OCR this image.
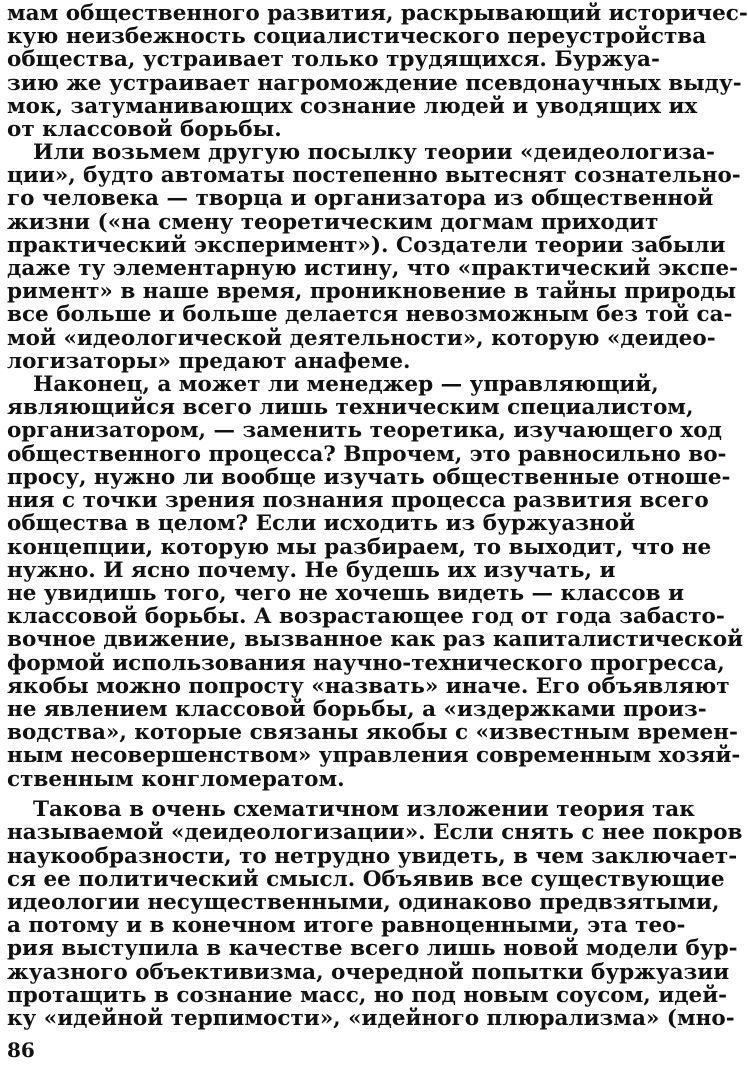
мам общественного развития, раскрывающий историчес-
кую неизбежность социалистического переустройства
общества, устраивает только трудящихся. Буржуа-
зию же устраивает нагромождение псевдонаучных выду-
мок, затуманивающих сознание людей и уводящих их
от классовой борьбы.
Или возьмем другую посылку теории «деидеологиза-
ции», будто автоматы постепенно вытеснят сознательно-
го человека — творца и организатора из общественной
жизни («на смену теоретическим догмам приходит
практический эксперимент»). Создатели теории забыли
даже ту элементарную истину, что «практический экспе-
римент» в наше время, проникновение в тайны природы
все больше и больше делается невозможным без той са-
мой «идеологической деятельности», которую «деидео-
логизаторы» предают анафеме.
Наконец, а может ли менеджер — управляющий,
являющийся всего лишь техническим специалистом,
организатором, — заменить теоретика, изучающего ход
общественного процесса? Впрочем, это равносильно во-
просу, нужно ли вообще изучать общественные отноше-
ния с точки зрения познания процесса развития всего
общества в целом? Если исходить из буржуазной
концепции, которую мы разбираем, то выходит, что не
нужно. И ясно почему. Не будешь их изучать, и
не увидишь того, чего не хочешь видеть — классов и
классовой борьбы. А возрастающее год от года забасто-
вочное движение, вызванное как раз капиталистической
формой использования научно-технического прогресса,
якобы можно попросту «назвать» иначе. Его объявляют
не явлением классовой борьбы, а «издержками произ-
водства», которые связаны якобы с «известным времен-
ным несовершенством» управления современным хозяй-
ственным конгломератом.
Такова в очень схематичном изложении теория так
называемой «деидеологизации». Если снять с нее покров
наукообразности, то нетрудно увидеть, в чем заключает-
ся ее политический смысл. Объявив все существующие
идеологии несущественными, одинаково предвзятыми,
а потому и в конечном итоге равноценными, эта тео-
рия выступила в качестве всего лишь новой модели бур-
жуазного объективизма, очередной попытки буржуазии
протащить в сознание масс, но под новым соусом, идей-
ку «идейной терпимости», «идейного плюрализма» (мно-
86
